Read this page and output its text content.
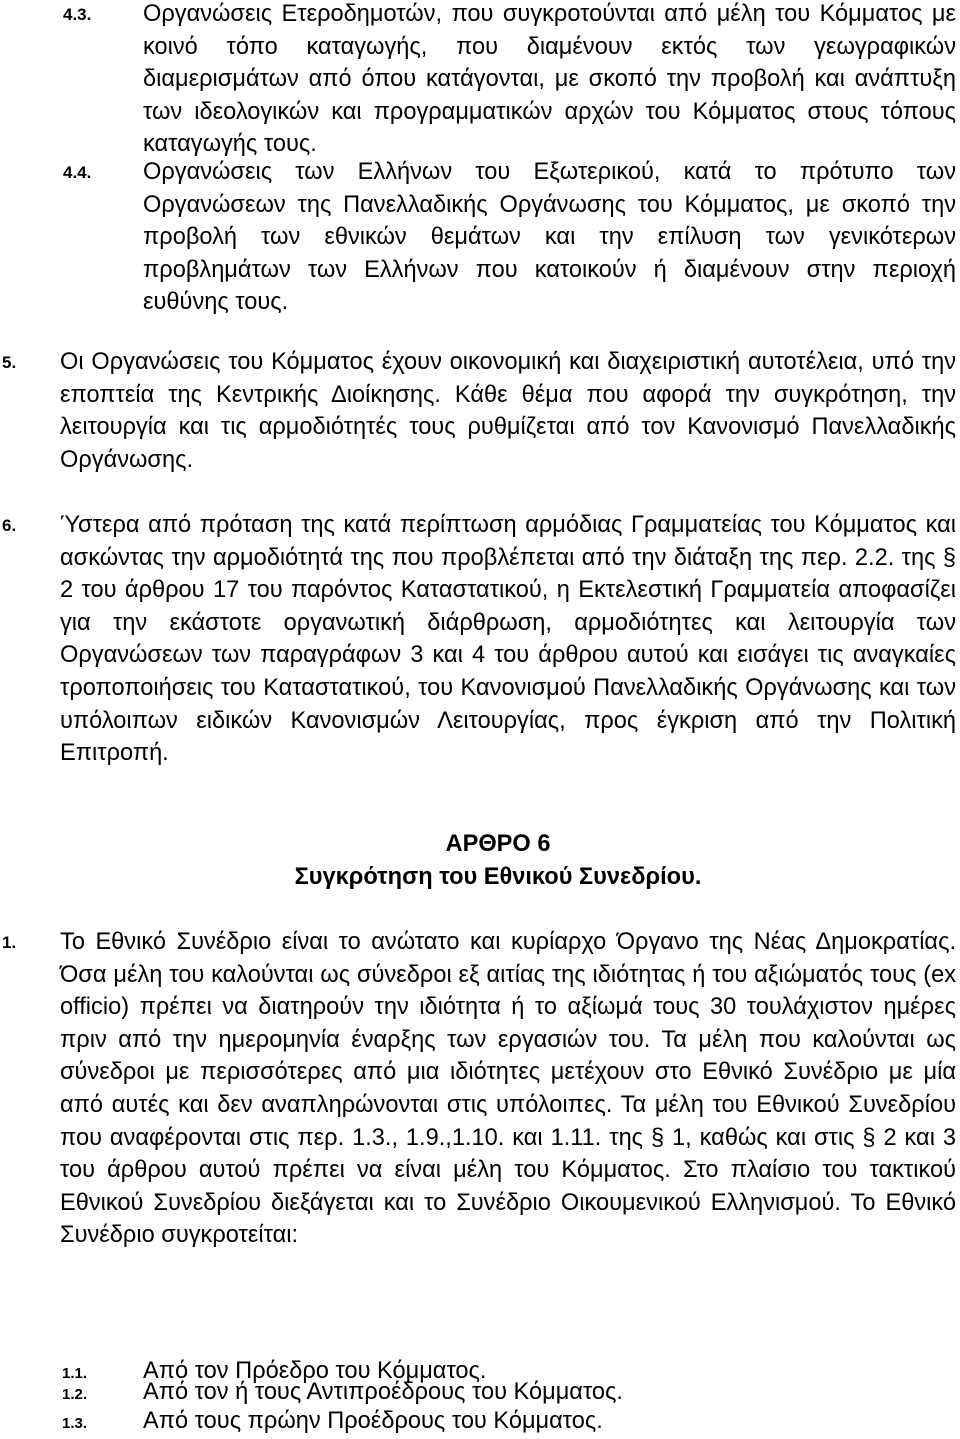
4.3. Οργανώσεις Ετεροδημοτών, που συγκροτούνται από μέλη του Κόμματος με κοινό τόπο καταγωγής, που διαμένουν εκτός των γεωγραφικών διαμερισμάτων από όπου κατάγονται, με σκοπό την προβολή και ανάπτυξη των ιδεολογικών και προγραμματικών αρχών του Κόμματος στους τόπους καταγωγής τους.
4.4. Οργανώσεις των Ελλήνων του Εξωτερικού, κατά το πρότυπο των Οργανώσεων της Πανελλαδικής Οργάνωσης του Κόμματος, με σκοπό την προβολή των εθνικών θεμάτων και την επίλυση των γενικότερων προβλημάτων των Ελλήνων που κατοικούν ή διαμένουν στην περιοχή ευθύνης τους.
5. Οι Οργανώσεις του Κόμματος έχουν οικονομική και διαχειριστική αυτοτέλεια, υπό την εποπτεία της Κεντρικής Διοίκησης. Κάθε θέμα που αφορά την συγκρότηση, την λειτουργία και τις αρμοδιότητές τους ρυθμίζεται από τον Κανονισμό Πανελλαδικής Οργάνωσης.
6. Ύστερα από πρόταση της κατά περίπτωση αρμόδιας Γραμματείας του Κόμματος και ασκώντας την αρμοδιότητά της που προβλέπεται από την διάταξη της περ. 2.2. της § 2 του άρθρου 17 του παρόντος Καταστατικού, η Εκτελεστική Γραμματεία αποφασίζει για την εκάστοτε οργανωτική διάρθρωση, αρμοδιότητες και λειτουργία των Οργανώσεων των παραγράφων 3 και 4 του άρθρου αυτού και εισάγει τις αναγκαίες τροποποιήσεις του Καταστατικού, του Κανονισμού Πανελλαδικής Οργάνωσης και των υπόλοιπων ειδικών Κανονισμών Λειτουργίας, προς έγκριση από την Πολιτική Επιτροπή.
ΑΡΘΡΟ 6
Συγκρότηση του Εθνικού Συνεδρίου.
1. Το Εθνικό Συνέδριο είναι το ανώτατο και κυρίαρχο Όργανο της Νέας Δημοκρατίας. Όσα μέλη του καλούνται ως σύνεδροι εξ αιτίας της ιδιότητας ή του αξιώματός τους (ex officio) πρέπει να διατηρούν την ιδιότητα ή το αξίωμά τους 30 τουλάχιστον ημέρες πριν από την ημερομηνία έναρξης των εργασιών του. Τα μέλη που καλούνται ως σύνεδροι με περισσότερες από μια ιδιότητες μετέχουν στο Εθνικό Συνέδριο με μία από αυτές και δεν αναπληρώνονται στις υπόλοιπες. Τα μέλη του Εθνικού Συνεδρίου που αναφέρονται στις περ. 1.3., 1.9.,1.10. και 1.11. της § 1, καθώς και στις § 2 και 3 του άρθρου αυτού πρέπει να είναι μέλη του Κόμματος. Στο πλαίσιο του τακτικού Εθνικού Συνεδρίου διεξάγεται και το Συνέδριο Οικουμενικού Ελληνισμού. Το Εθνικό Συνέδριο συγκροτείται:
1.1. Από τον Πρόεδρο του Κόμματος.
1.2. Από τον ή τους Αντιπροέδρους του Κόμματος.
1.3. Από τους πρώην Προέδρους του Κόμματος.
